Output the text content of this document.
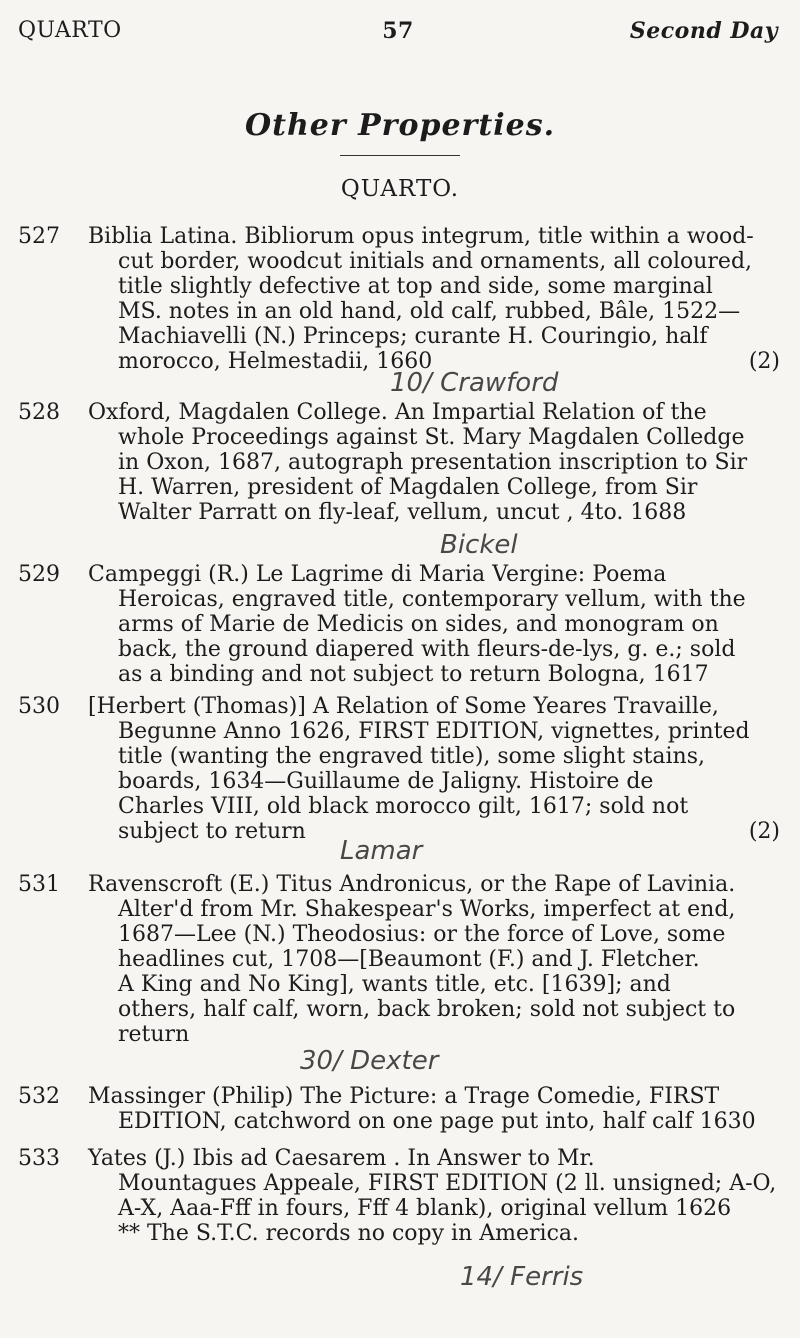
QUARTO	57	Second Day
Other Properties.
QUARTO.
527	Biblia Latina. Bibliorum opus integrum, title within a wood-
cut border, woodcut initials and ornaments, all coloured,
title slightly defective at top and side, some marginal
MS. notes in an old hand, old calf, rubbed, Bâle, 1522—
Machiavelli (N.) Princeps; curante H. Couringio, half
morocco, Helmestadii, 1660	(2)
10/ Crawford
528	Oxford, Magdalen College. An Impartial Relation of the
whole Proceedings against St. Mary Magdalen Colledge
in Oxon, 1687, autograph presentation inscription to Sir
H. Warren, president of Magdalen College, from Sir
Walter Parratt on fly-leaf, vellum, uncut , 4to. 1688
Bickel
529	Campeggi (R.) Le Lagrime di Maria Vergine: Poema
Heroicas, engraved title, contemporary vellum, with the
arms of Marie de Medicis on sides, and monogram on
back, the ground diapered with fleurs-de-lys, g. e.; sold
as a binding and not subject to return Bologna, 1617
530	[Herbert (Thomas)] A Relation of Some Yeares Travaille,
Begunne Anno 1626, FIRST EDITION, vignettes, printed
title (wanting the engraved title), some slight stains,
boards, 1634—Guillaume de Jaligny. Histoire de
Charles VIII, old black morocco gilt, 1617; sold not
subject to return	(2)
Lamar
531	Ravenscroft (E.) Titus Andronicus, or the Rape of Lavinia.
Alter'd from Mr. Shakespear's Works, imperfect at end,
1687—Lee (N.) Theodosius: or the force of Love, some
headlines cut, 1708—[Beaumont (F.) and J. Fletcher.
A King and No King], wants title, etc. [1639]; and
others, half calf, worn, back broken; sold not subject to
return
30/ Dexter
532	Massinger (Philip) The Picture: a Trage Comedie, FIRST
EDITION, catchword on one page put into, half calf 1630
533	Yates (J.) Ibis ad Caesarem . In Answer to Mr.
Mountagues Appeale, FIRST EDITION (2 ll. unsigned; A-O,
A-X, Aaa-Fff in fours, Fff 4 blank), original vellum 1626
** The S.T.C. records no copy in America.
14/ Ferris
